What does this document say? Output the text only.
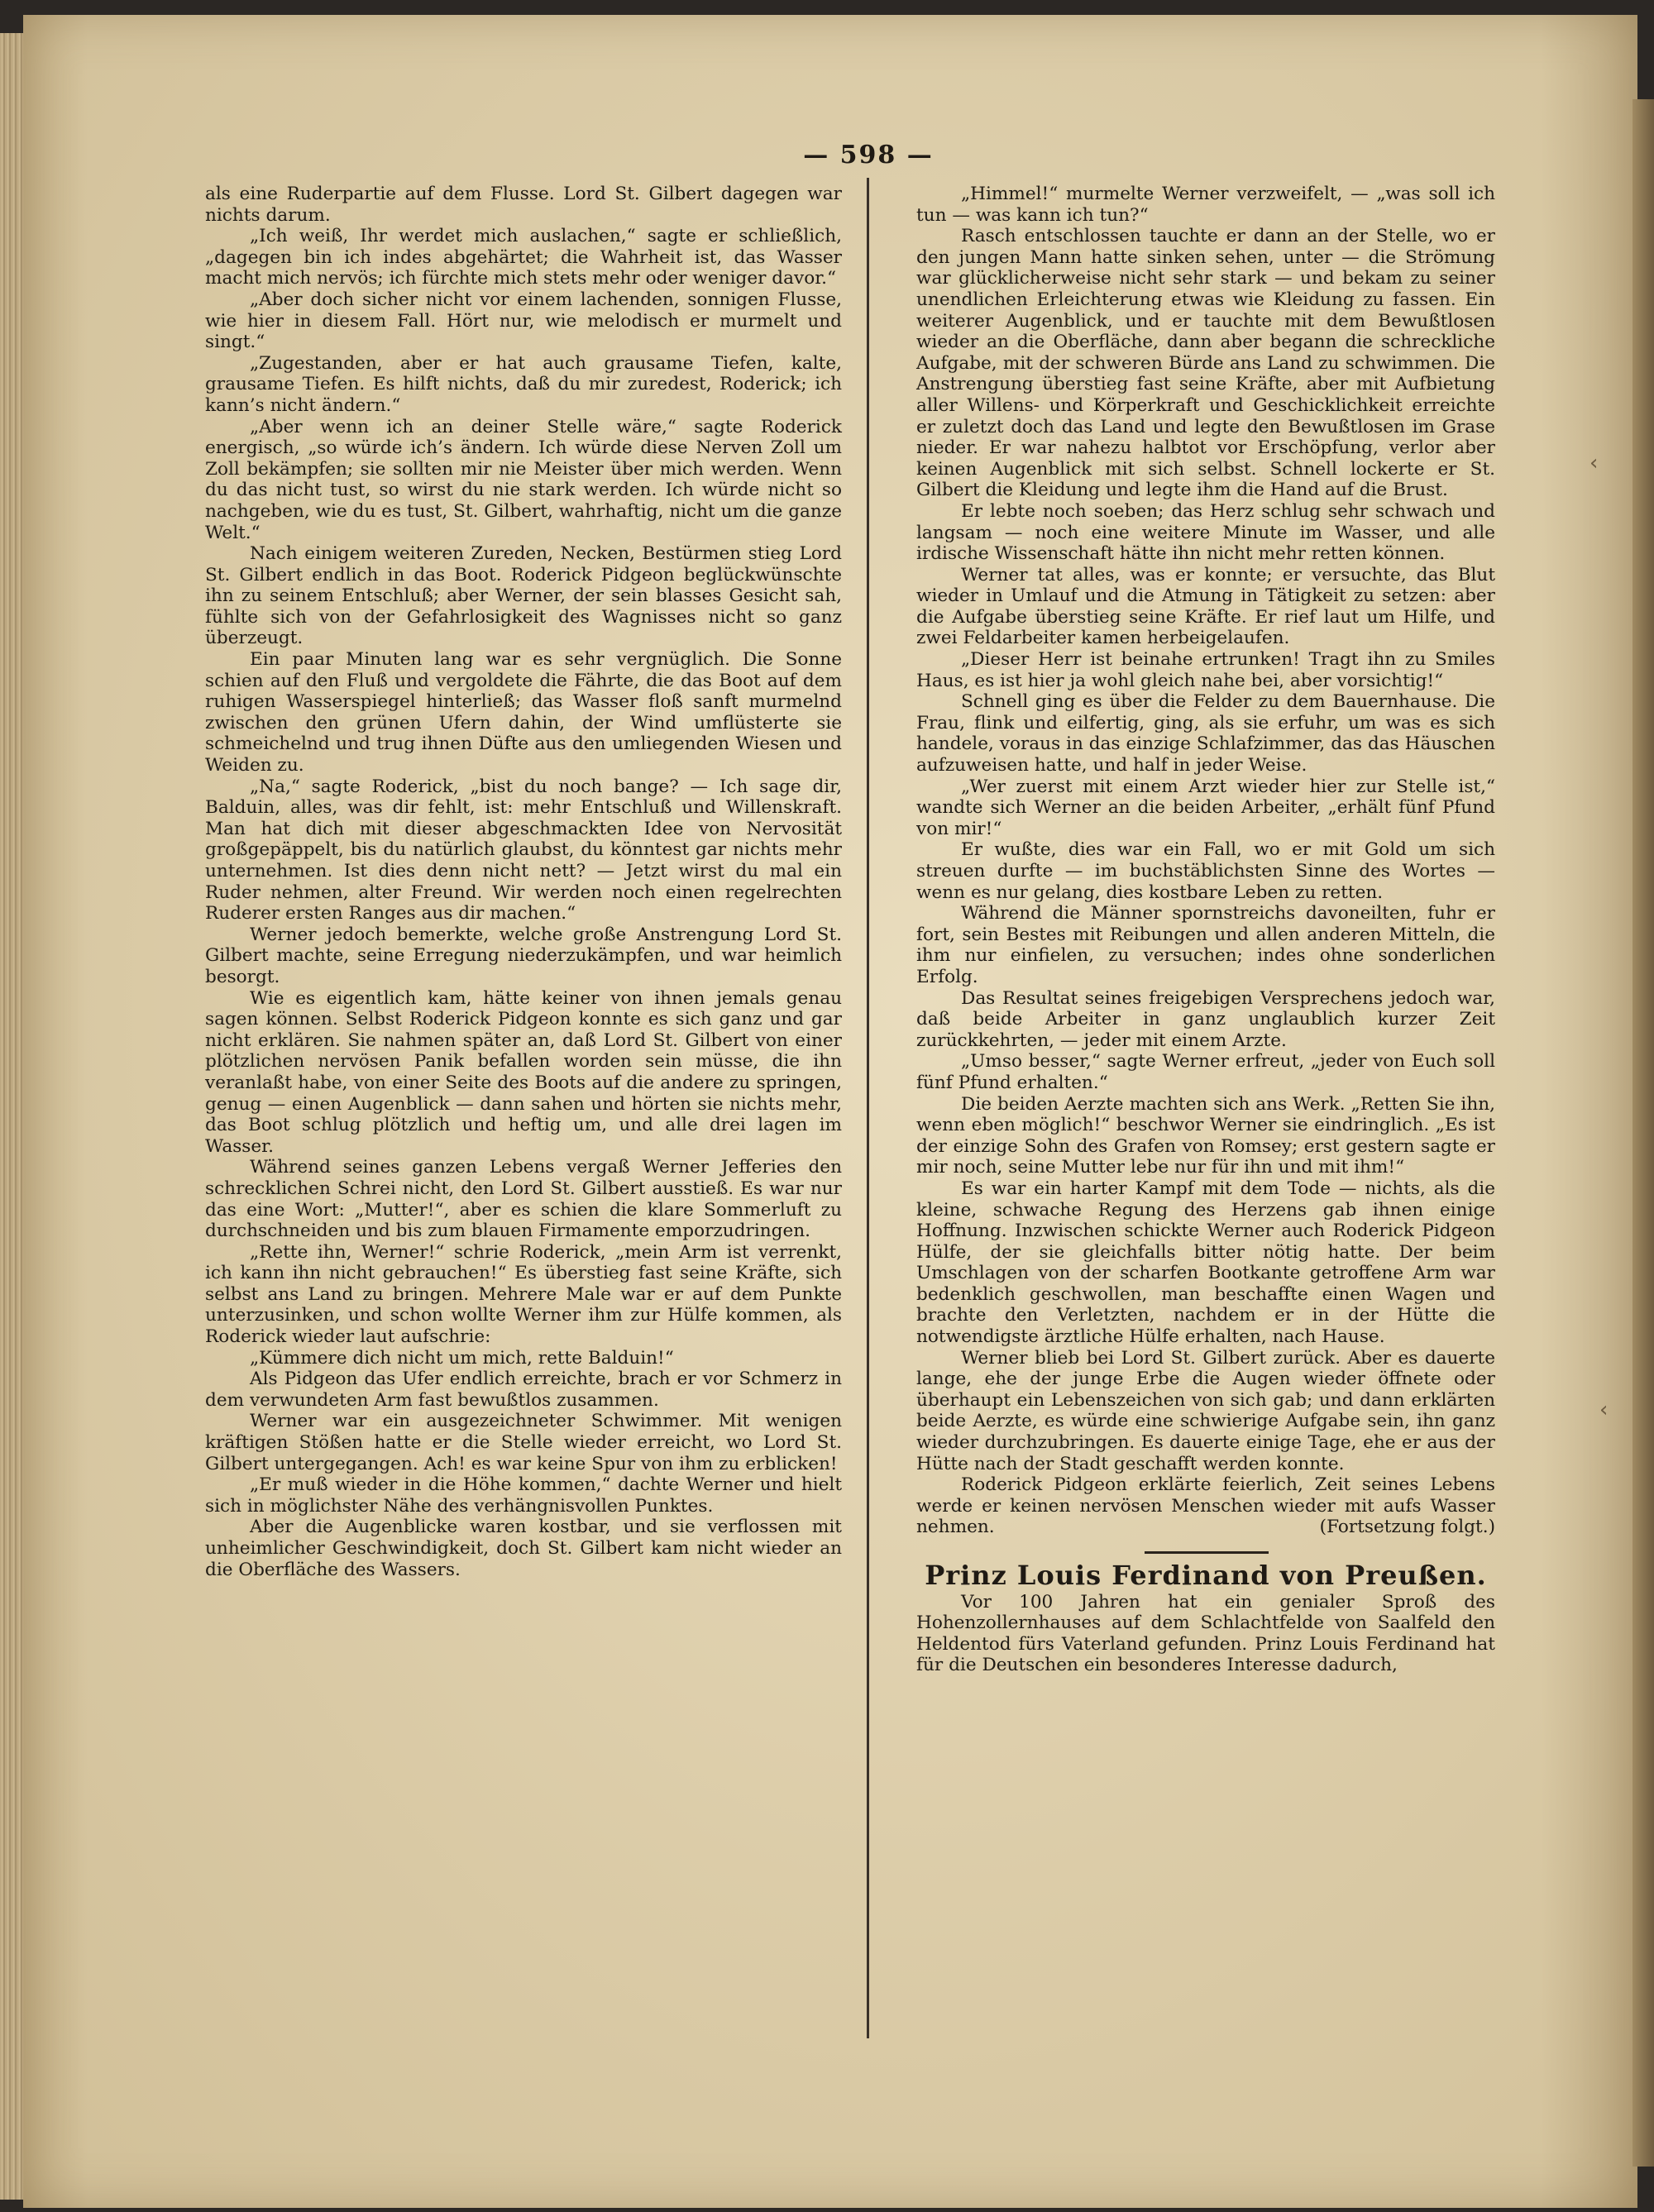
— 598 —

als eine Ruderpartie auf dem Flusse. Lord St. Gilbert dagegen war nichts darum.

„Ich weiß, Ihr werdet mich auslachen,“ sagte er schließlich, „dagegen bin ich indes abgehärtet; die Wahrheit ist, das Wasser macht mich nervös; ich fürchte mich stets mehr oder weniger davor.“

„Aber doch sicher nicht vor einem lachenden, sonnigen Flusse, wie hier in diesem Fall. Hört nur, wie melodisch er murmelt und singt.“

„Zugestanden, aber er hat auch grausame Tiefen, kalte, grausame Tiefen. Es hilft nichts, daß du mir zuredest, Roderick; ich kann’s nicht ändern.“

„Aber wenn ich an deiner Stelle wäre,“ sagte Roderick energisch, „so würde ich’s ändern. Ich würde diese Nerven Zoll um Zoll bekämpfen; sie sollten mir nie Meister über mich werden. Wenn du das nicht tust, so wirst du nie stark werden. Ich würde nicht so nachgeben, wie du es tust, St. Gilbert, wahrhaftig, nicht um die ganze Welt.“

Nach einigem weiteren Zureden, Necken, Bestürmen stieg Lord St. Gilbert endlich in das Boot. Roderick Pidgeon beglückwünschte ihn zu seinem Entschluß; aber Werner, der sein blasses Gesicht sah, fühlte sich von der Gefahrlosigkeit des Wagnisses nicht so ganz überzeugt.

Ein paar Minuten lang war es sehr vergnüglich. Die Sonne schien auf den Fluß und vergoldete die Fährte, die das Boot auf dem ruhigen Wasserspiegel hinterließ; das Wasser floß sanft murmelnd zwischen den grünen Ufern dahin, der Wind umflüsterte sie schmeichelnd und trug ihnen Düfte aus den umliegenden Wiesen und Weiden zu.

„Na,“ sagte Roderick, „bist du noch bange? — Ich sage dir, Balduin, alles, was dir fehlt, ist: mehr Entschluß und Willenskraft. Man hat dich mit dieser abgeschmackten Idee von Nervosität großgepäppelt, bis du natürlich glaubst, du könntest gar nichts mehr unternehmen. Ist dies denn nicht nett? — Jetzt wirst du mal ein Ruder nehmen, alter Freund. Wir werden noch einen regelrechten Ruderer ersten Ranges aus dir machen.“

Werner jedoch bemerkte, welche große Anstrengung Lord St. Gilbert machte, seine Erregung niederzukämpfen, und war heimlich besorgt.

Wie es eigentlich kam, hätte keiner von ihnen jemals genau sagen können. Selbst Roderick Pidgeon konnte es sich ganz und gar nicht erklären. Sie nahmen später an, daß Lord St. Gilbert von einer plötzlichen nervösen Panik befallen worden sein müsse, die ihn veranlaßt habe, von einer Seite des Boots auf die andere zu springen, genug — einen Augenblick — dann sahen und hörten sie nichts mehr, das Boot schlug plötzlich und heftig um, und alle drei lagen im Wasser.

Während seines ganzen Lebens vergaß Werner Jefferies den schrecklichen Schrei nicht, den Lord St. Gilbert ausstieß. Es war nur das eine Wort: „Mutter!“, aber es schien die klare Sommerluft zu durchschneiden und bis zum blauen Firmamente emporzudringen.

„Rette ihn, Werner!“ schrie Roderick, „mein Arm ist verrenkt, ich kann ihn nicht gebrauchen!“ Es überstieg fast seine Kräfte, sich selbst ans Land zu bringen. Mehrere Male war er auf dem Punkte unterzusinken, und schon wollte Werner ihm zur Hülfe kommen, als Roderick wieder laut aufschrie:

„Kümmere dich nicht um mich, rette Balduin!“

Als Pidgeon das Ufer endlich erreichte, brach er vor Schmerz in dem verwundeten Arm fast bewußtlos zusammen.

Werner war ein ausgezeichneter Schwimmer. Mit wenigen kräftigen Stößen hatte er die Stelle wieder erreicht, wo Lord St. Gilbert untergegangen. Ach! es war keine Spur von ihm zu erblicken!

„Er muß wieder in die Höhe kommen,“ dachte Werner und hielt sich in möglichster Nähe des verhängnisvollen Punktes.

Aber die Augenblicke waren kostbar, und sie verflossen mit unheimlicher Geschwindigkeit, doch St. Gilbert kam nicht wieder an die Oberfläche des Wassers.

„Himmel!“ murmelte Werner verzweifelt, — „was soll ich tun — was kann ich tun?“

Rasch entschlossen tauchte er dann an der Stelle, wo er den jungen Mann hatte sinken sehen, unter — die Strömung war glücklicherweise nicht sehr stark — und bekam zu seiner unendlichen Erleichterung etwas wie Kleidung zu fassen. Ein weiterer Augenblick, und er tauchte mit dem Bewußtlosen wieder an die Oberfläche, dann aber begann die schreckliche Aufgabe, mit der schweren Bürde ans Land zu schwimmen. Die Anstrengung überstieg fast seine Kräfte, aber mit Aufbietung aller Willens- und Körperkraft und Geschicklichkeit erreichte er zuletzt doch das Land und legte den Bewußtlosen im Grase nieder. Er war nahezu halbtot vor Erschöpfung, verlor aber keinen Augenblick mit sich selbst. Schnell lockerte er St. Gilbert die Kleidung und legte ihm die Hand auf die Brust.

Er lebte noch soeben; das Herz schlug sehr schwach und langsam — noch eine weitere Minute im Wasser, und alle irdische Wissenschaft hätte ihn nicht mehr retten können.

Werner tat alles, was er konnte; er versuchte, das Blut wieder in Umlauf und die Atmung in Tätigkeit zu setzen: aber die Aufgabe überstieg seine Kräfte. Er rief laut um Hilfe, und zwei Feldarbeiter kamen herbeigelaufen.

„Dieser Herr ist beinahe ertrunken! Tragt ihn zu Smiles Haus, es ist hier ja wohl gleich nahe bei, aber vorsichtig!“

Schnell ging es über die Felder zu dem Bauernhause. Die Frau, flink und eilfertig, ging, als sie erfuhr, um was es sich handele, voraus in das einzige Schlafzimmer, das das Häuschen aufzuweisen hatte, und half in jeder Weise.

„Wer zuerst mit einem Arzt wieder hier zur Stelle ist,“ wandte sich Werner an die beiden Arbeiter, „erhält fünf Pfund von mir!“

Er wußte, dies war ein Fall, wo er mit Gold um sich streuen durfte — im buchstäblichsten Sinne des Wortes — wenn es nur gelang, dies kostbare Leben zu retten.

Während die Männer spornstreichs davoneilten, fuhr er fort, sein Bestes mit Reibungen und allen anderen Mitteln, die ihm nur einfielen, zu versuchen; indes ohne sonderlichen Erfolg.

Das Resultat seines freigebigen Versprechens jedoch war, daß beide Arbeiter in ganz unglaublich kurzer Zeit zurückkehrten, — jeder mit einem Arzte.

„Umso besser,“ sagte Werner erfreut, „jeder von Euch soll fünf Pfund erhalten.“

Die beiden Aerzte machten sich ans Werk. „Retten Sie ihn, wenn eben möglich!“ beschwor Werner sie eindringlich. „Es ist der einzige Sohn des Grafen von Romsey; erst gestern sagte er mir noch, seine Mutter lebe nur für ihn und mit ihm!“

Es war ein harter Kampf mit dem Tode — nichts, als die kleine, schwache Regung des Herzens gab ihnen einige Hoffnung. Inzwischen schickte Werner auch Roderick Pidgeon Hülfe, der sie gleichfalls bitter nötig hatte. Der beim Umschlagen von der scharfen Bootkante getroffene Arm war bedenklich geschwollen, man beschaffte einen Wagen und brachte den Verletzten, nachdem er in der Hütte die notwendigste ärztliche Hülfe erhalten, nach Hause.

Werner blieb bei Lord St. Gilbert zurück. Aber es dauerte lange, ehe der junge Erbe die Augen wieder öffnete oder überhaupt ein Lebenszeichen von sich gab; und dann erklärten beide Aerzte, es würde eine schwierige Aufgabe sein, ihn ganz wieder durchzubringen. Es dauerte einige Tage, ehe er aus der Hütte nach der Stadt geschafft werden konnte.

Roderick Pidgeon erklärte feierlich, Zeit seines Lebens werde er keinen nervösen Menschen wieder mit aufs Wasser nehmen.	(Fortsetzung folgt.)

Prinz Louis Ferdinand von Preußen.

Vor 100 Jahren hat ein genialer Sproß des Hohenzollernhauses auf dem Schlachtfelde von Saalfeld den Heldentod fürs Vaterland gefunden. Prinz Louis Ferdinand hat für die Deutschen ein besonderes Interesse dadurch,

‹
‹
